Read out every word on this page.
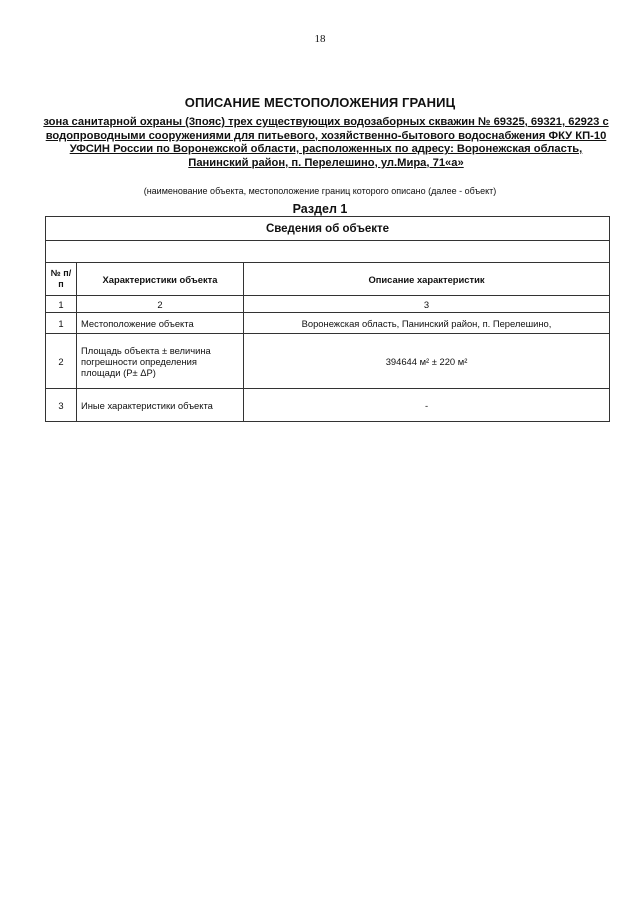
18
ОПИСАНИЕ МЕСТОПОЛОЖЕНИЯ ГРАНИЦ
зона санитарной охраны (3пояс) трех существующих водозаборных скважин № 69325, 69321, 62923 с водопроводными сооружениями для питьевого, хозяйственно-бытового водоснабжения ФКУ КП-10 УФСИН России по Воронежской области, расположенных по адресу: Воронежская область, Панинский район, п. Перелешино, ул.Мира, 71«а»
(наименование объекта, местоположение границ которого описано (далее - объект)
Раздел 1
Сведения об объекте		

№ п/п	Характеристики объекта	Описание характеристик
1	2	3
1	Местоположение объекта	Воронежская область, Панинский район, п. Перелешино,
2	Площадь объекта ± величина погрешности определения площади (P± ΔP)	394644 м² ± 220 м²
3	Иные характеристики объекта	-
